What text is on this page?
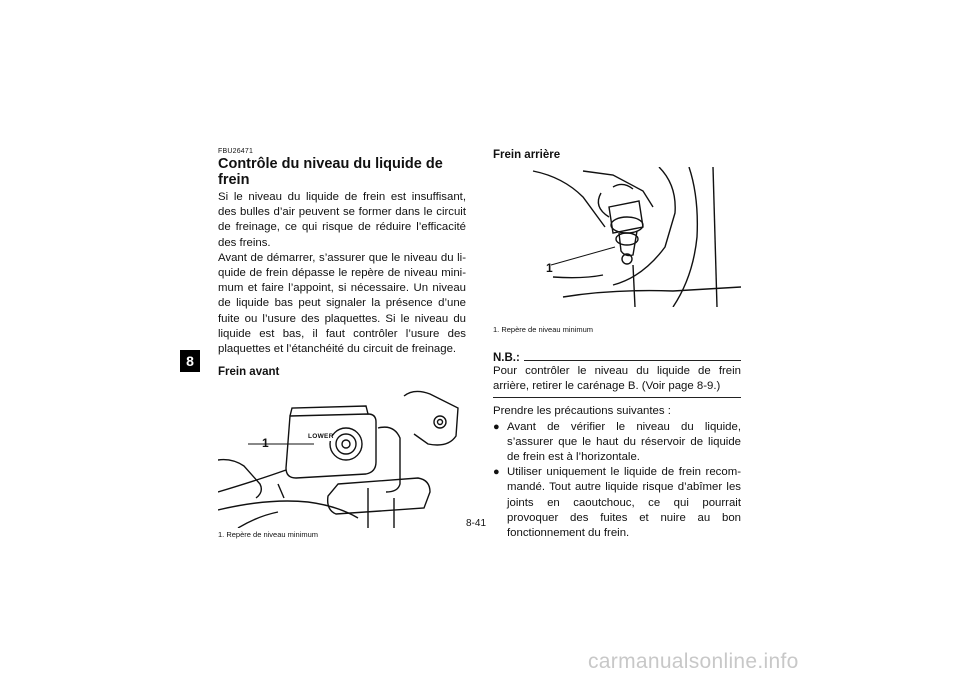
8
FBU26471
Contrôle du niveau du liquide de frein

Si le niveau du liquide de frein est insuffisant, des bulles d’air peuvent se former dans le circuit de freinage, ce qui risque de réduire l’efficacité des freins.

Avant de démarrer, s’assurer que le niveau du li-quide de frein dépasse le repère de niveau mini-mum et faire l’appoint, si nécessaire. Un niveau de liquide bas peut signaler la présence d’une fuite ou l’usure des plaquettes. Si le niveau du liquide est bas, il faut contrôler l’usure des plaquettes et l’étanchéité du circuit de freinage.

Frein avant
1	LOWER
1. Repère de niveau minimum
Frein arrière
1
1. Repère de niveau minimum
N.B.:

Pour contrôler le niveau du liquide de frein arrière, retirer le carénage B. (Voir page 8-9.)

Prendre les précautions suivantes :

● Avant de vérifier le niveau du liquide, s’assurer que le haut du réservoir de liquide de frein est à l’horizontale.
● Utiliser uniquement le liquide de frein recom-mandé. Tout autre liquide risque d’abîmer les joints en caoutchouc, ce qui pourrait provoquer des fuites et nuire au bon fonctionnement du frein.
8-41
carmanualsonline.info
